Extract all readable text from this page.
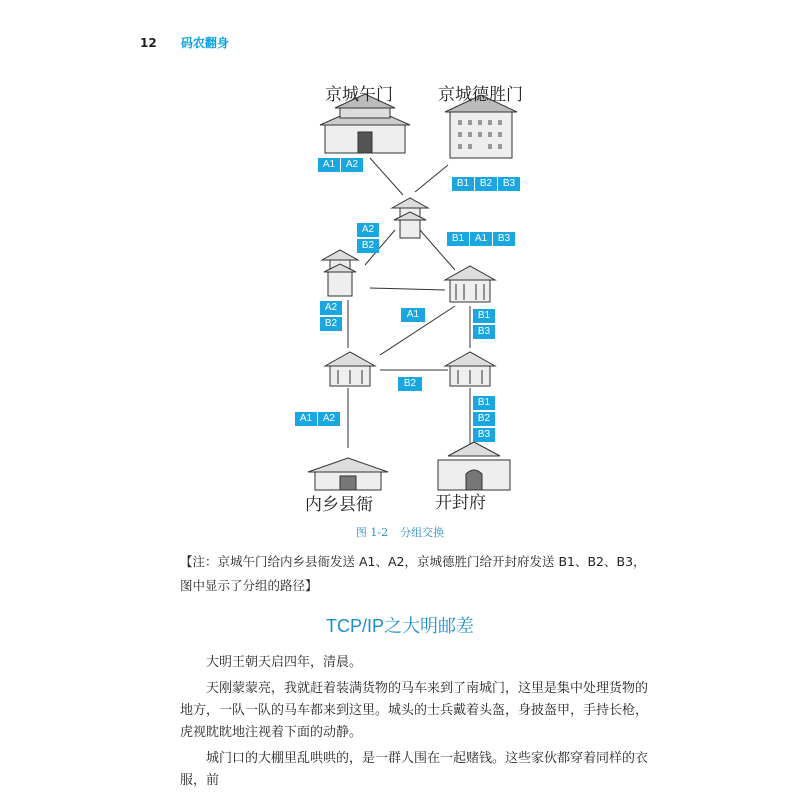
12 码农翻身
京城午门	京城德胜门
内乡县衙	开封府
A1	A2
B1	B2	B3
A2
B2
B1	A1	B3
A2
B2
A1	B1
B3
B2
A1	A2
B1
B2
B3
图 1-2 分组交换
【注：京城午门给内乡县衙发送 A1、A2，京城德胜门给开封府发送 B1、B2、B3，图中显示了分组的路径】
TCP/IP之大明邮差
大明王朝天启四年，清晨。
天刚蒙蒙亮，我就赶着装满货物的马车来到了南城门，这里是集中处理货物的地方，一队一队的马车都来到这里。城头的士兵戴着头盔，身披盔甲，手持长枪，虎视眈眈地注视着下面的动静。
城门口的大棚里乱哄哄的，是一群人围在一起赌钱。这些家伙都穿着同样的衣服，前
